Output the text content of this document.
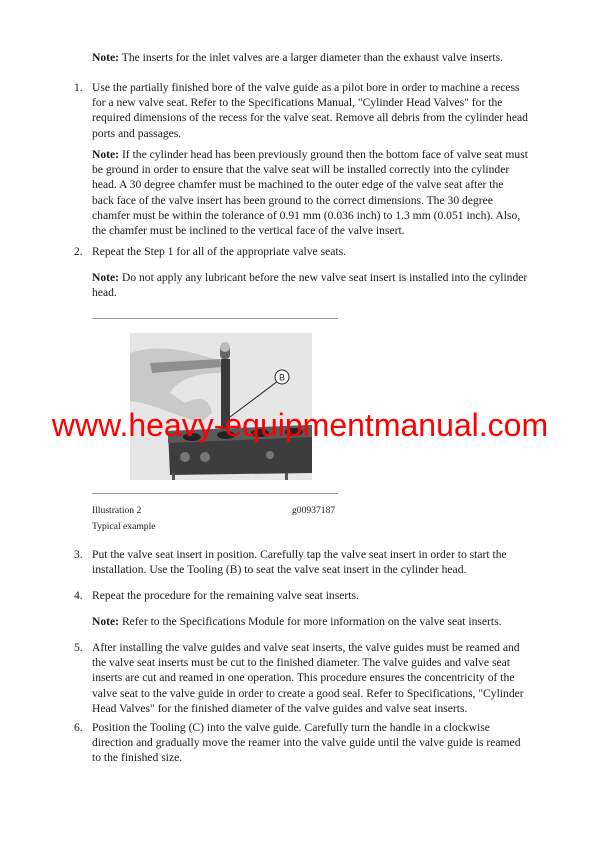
Note: The inserts for the inlet valves are a larger diameter than the exhaust valve inserts.

1. Use the partially finished bore of the valve guide as a pilot bore in order to machine a recess for a new valve seat. Refer to the Specifications Manual, "Cylinder Head Valves" for the required dimensions of the recess for the valve seat. Remove all debris from the cylinder head ports and passages.

Note: If the cylinder head has been previously ground then the bottom face of valve seat must be ground in order to ensure that the valve seat will be installed correctly into the cylinder head. A 30 degree chamfer must be machined to the outer edge of the valve seat after the back face of the valve insert has been ground to the correct dimensions. The 30 degree chamfer must be within the tolerance of 0.91 mm (0.036 inch) to 1.3 mm (0.051 inch). Also, the chamfer must be inclined to the vertical face of the valve insert.

2. Repeat the Step 1 for all of the appropriate valve seats.

Note: Do not apply any lubricant before the new valve seat insert is installed into the cylinder head.

B
Illustration 2	g00937187
Typical example
3. Put the valve seat insert in position. Carefully tap the valve seat insert in order to start the installation. Use the Tooling (B) to seat the valve seat insert in the cylinder head.

4. Repeat the procedure for the remaining valve seat inserts.

Note: Refer to the Specifications Module for more information on the valve seat inserts.

5. After installing the valve guides and valve seat inserts, the valve guides must be reamed and the valve seat inserts must be cut to the finished diameter. The valve guides and valve seat inserts are cut and reamed in one operation. This procedure ensures the concentricity of the valve seat to the valve guide in order to create a good seal. Refer to Specifications, "Cylinder Head Valves" for the finished diameter of the valve guides and valve seat inserts.

6. Position the Tooling (C) into the valve guide. Carefully turn the handle in a clockwise direction and gradually move the reamer into the valve guide until the valve guide is reamed to the finished size.

www.heavy-equipmentmanual.com
